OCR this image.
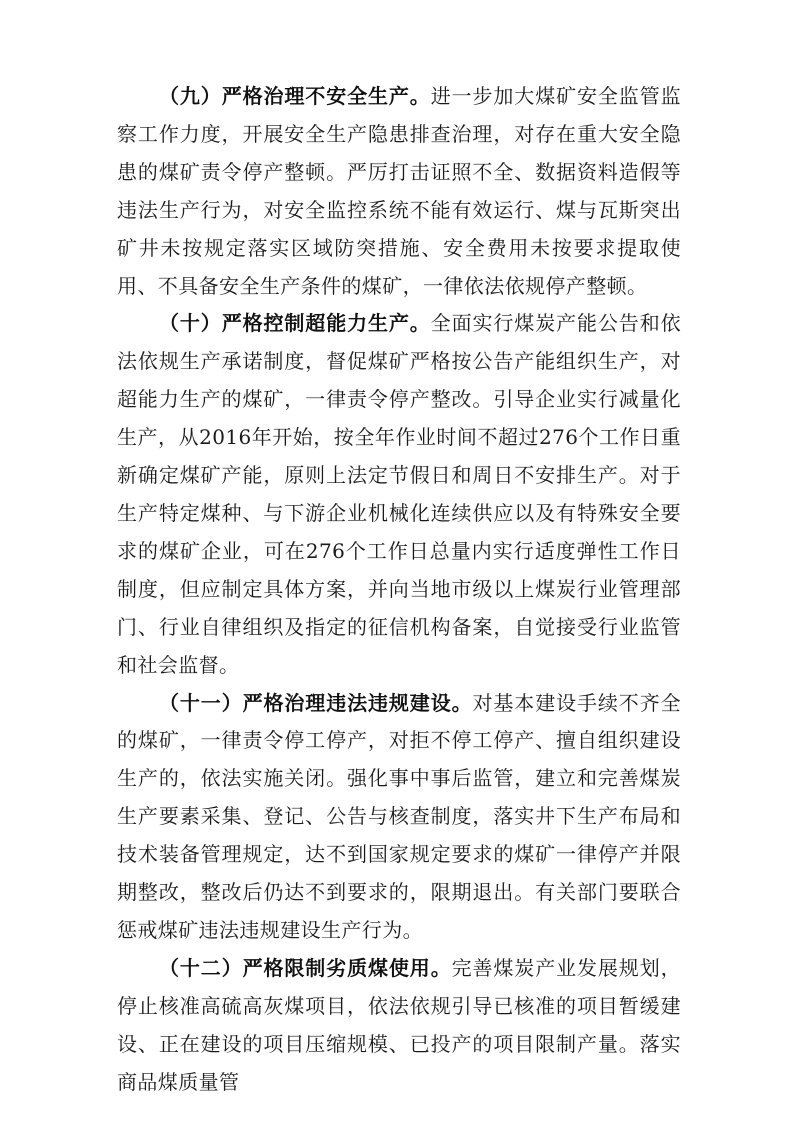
（九）严格治理不安全生产。进一步加大煤矿安全监管监察工作力度，开展安全生产隐患排查治理，对存在重大安全隐患的煤矿责令停产整顿。严厉打击证照不全、数据资料造假等违法生产行为，对安全监控系统不能有效运行、煤与瓦斯突出矿井未按规定落实区域防突措施、安全费用未按要求提取使用、不具备安全生产条件的煤矿，一律依法依规停产整顿。

（十）严格控制超能力生产。全面实行煤炭产能公告和依法依规生产承诺制度，督促煤矿严格按公告产能组织生产，对超能力生产的煤矿，一律责令停产整改。引导企业实行减量化生产，从2016年开始，按全年作业时间不超过276个工作日重新确定煤矿产能，原则上法定节假日和周日不安排生产。对于生产特定煤种、与下游企业机械化连续供应以及有特殊安全要求的煤矿企业，可在276个工作日总量内实行适度弹性工作日制度，但应制定具体方案，并向当地市级以上煤炭行业管理部门、行业自律组织及指定的征信机构备案，自觉接受行业监管和社会监督。

（十一）严格治理违法违规建设。对基本建设手续不齐全的煤矿，一律责令停工停产，对拒不停工停产、擅自组织建设生产的，依法实施关闭。强化事中事后监管，建立和完善煤炭生产要素采集、登记、公告与核查制度，落实井下生产布局和技术装备管理规定，达不到国家规定要求的煤矿一律停产并限期整改，整改后仍达不到要求的，限期退出。有关部门要联合惩戒煤矿违法违规建设生产行为。

（十二）严格限制劣质煤使用。完善煤炭产业发展规划，停止核准高硫高灰煤项目，依法依规引导已核准的项目暂缓建设、正在建设的项目压缩规模、已投产的项目限制产量。落实商品煤质量管
